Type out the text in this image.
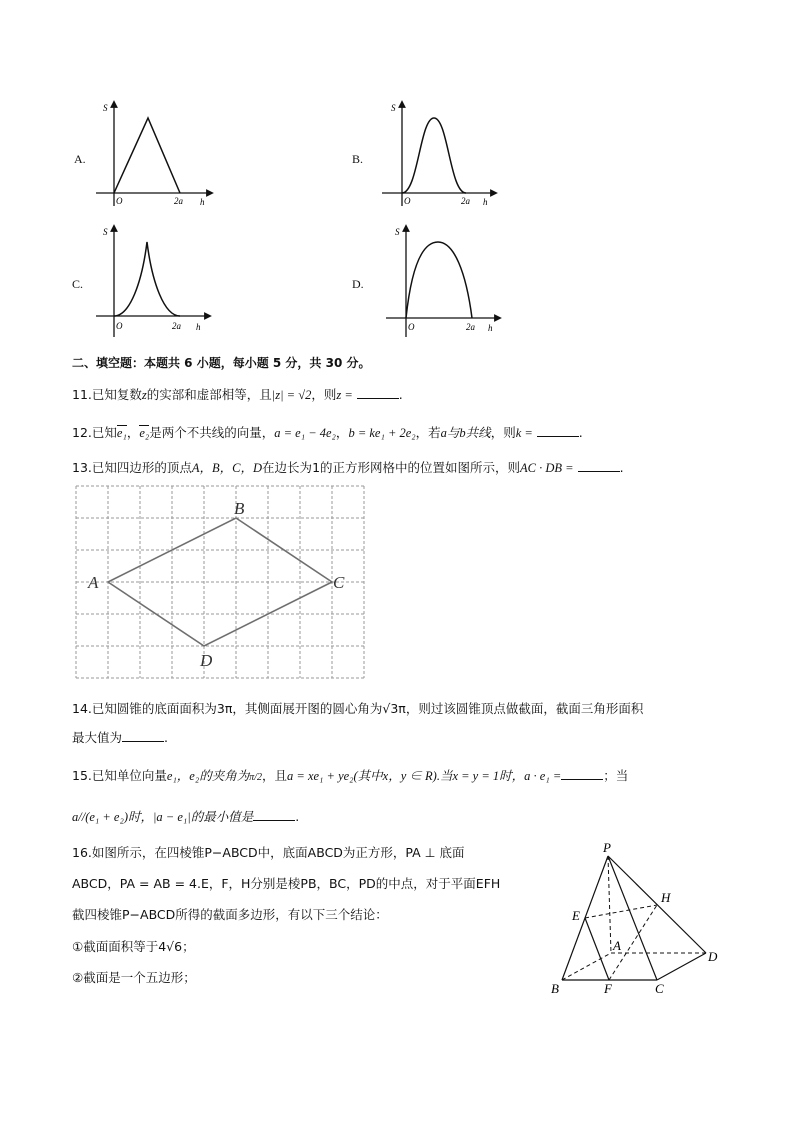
A.	B.
C.	D.
S
O	2a h
S
O	2a h
S
O	2a h
S
O	2a h
二、填空题：本题共 6 小题，每小题 5 分，共 30 分。
11.已知复数z的实部和虚部相等，且|z| = √2，则z =	.
12.已知e₁，e₂是两个不共线的向量，a = e₁ − 4e₂，b = ke₁ + 2e₂，若a与b共线，则k =	.
13.已知四边形的顶点A，B，C，D在边长为1的正方形网格中的位置如图所示，则AC · DB =	.
A
B
C
D
14.已知圆锥的底面面积为3π，其侧面展开图的圆心角为√3π，则过该圆锥顶点做截面，截面三角形面积
最大值为	.
15.已知单位向量e₁，e₂的夹角为π/2，且a = xe₁ + ye₂(其中x，y ∈ R).当x = y = 1时，a · e₁ =	；当
a//(e₁ + e₂)时，|a − e₁|的最小值是	.
16.如图所示，在四棱锥P−ABCD中，底面ABCD为正方形，PA ⊥ 底面
ABCD，PA = AB = 4.E，F，H分别是棱PB，BC，PD的中点，对于平面EFH
截四棱锥P−ABCD所得的截面多边形，有以下三个结论：
①截面面积等于4√6；
②截面是一个五边形；
P
H
E
A
D
B	F	C
